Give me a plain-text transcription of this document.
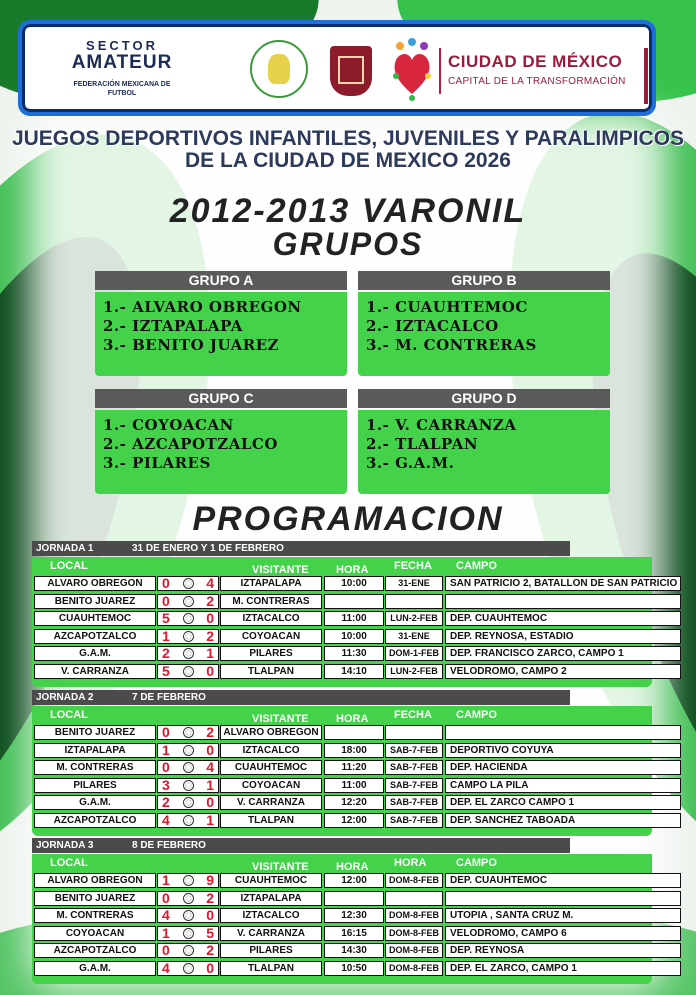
SECTOR
AMATEUR
FEDERACIÓN MEXICANA DE FUTBOL
CIUDAD DE MÉXICO
CAPITAL DE LA TRANSFORMACIÓN
JUEGOS DEPORTIVOS INFANTILES, JUVENILES Y PARALIMPICOS
DE LA CIUDAD DE MEXICO 2026
2012-2013 VARONIL
GRUPOS
GRUPO A
1.- ALVARO OBREGON
2.- IZTAPALAPA
3.- BENITO JUAREZ
GRUPO B
1.- CUAUHTEMOC
2.- IZTACALCO
3.- M. CONTRERAS
GRUPO C
1.- COYOACAN
2.- AZCAPOTZALCO
3.- PILARES
GRUPO D
1.- V. CARRANZA
2.- TLALPAN
3.- G.A.M.
PROGRAMACION
JORNADA 1	31 DE ENERO Y 1 DE FEBRERO
LOCAL	VISITANTE HORA FECHA CAMPO
ALVARO OBREGON	0	4	IZTAPALAPA	10:00	31-ENE	SAN PATRICIO 2, BATALLON DE SAN PATRICIO
BENITO JUAREZ	0	2	M. CONTRERAS
CUAUHTEMOC	5	0	IZTACALCO	11:00	LUN-2-FEB	DEP. CUAUHTEMOC
AZCAPOTZALCO	1	2	COYOACAN	10:00	31-ENE	DEP. REYNOSA, ESTADIO
G.A.M.	2	1	PILARES	11:30	DOM-1-FEB	DEP. FRANCISCO ZARCO, CAMPO 1
V. CARRANZA	5	0	TLALPAN	14:10	LUN-2-FEB	VELODROMO, CAMPO 2
JORNADA 2	7 DE FEBRERO
LOCAL	VISITANTE HORA FECHA CAMPO
BENITO JUAREZ	0	2 ALVARO OBREGON
IZTAPALAPA	1	0	IZTACALCO	18:00	SAB-7-FEB	DEPORTIVO COYUYA
M. CONTRERAS	0	4	CUAUHTEMOC	11:20	SAB-7-FEB	DEP. HACIENDA
PILARES	3	1	COYOACAN	11:00	SAB-7-FEB	CAMPO LA PILA
G.A.M.	2	0	V. CARRANZA	12:20	SAB-7-FEB	DEP. EL ZARCO CAMPO 1
AZCAPOTZALCO	4	1	TLALPAN	12:00	SAB-7-FEB	DEP. SANCHEZ TABOADA
JORNADA 3	8 DE FEBRERO
LOCAL	VISITANTE HORA HORA	CAMPO
ALVARO OBREGON	1	9	CUAUHTEMOC	12:00	DOM-8-FEB	DEP. CUAUHTEMOC
BENITO JUAREZ	0	2	IZTAPALAPA
M. CONTRERAS	4	0	IZTACALCO	12:30	DOM-8-FEB	UTOPIA , SANTA CRUZ M.
COYOACAN	1	5	V. CARRANZA	16:15	DOM-8-FEB	VELODROMO, CAMPO 6
AZCAPOTZALCO	0	2	PILARES	14:30	DOM-8-FEB	DEP. REYNOSA
G.A.M.	4	0	TLALPAN	10:50	DOM-8-FEB	DEP. EL ZARCO, CAMPO 1
